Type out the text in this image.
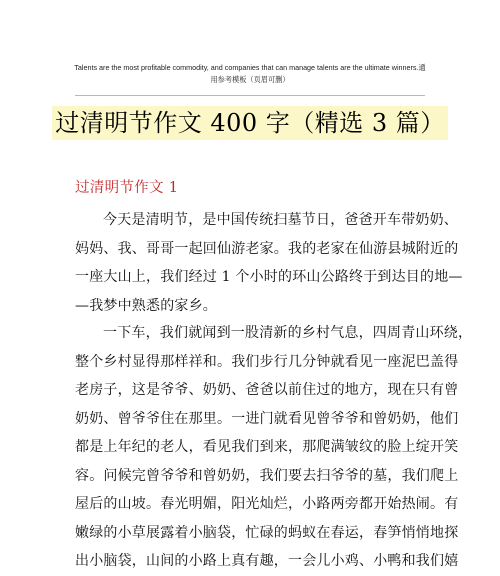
Talents are the most profitable commodity, and companies that can manage talents are the ultimate winners.通
用参考模板（页眉可删）
过清明节作文 400 字（精选 3 篇）
过清明节作文 1

今天是清明节，是中国传统扫墓节日，爸爸开车带奶奶、
妈妈、我、哥哥一起回仙游老家。我的老家在仙游县城附近的
一座大山上，我们经过 1 个小时的环山公路终于到达目的地—
—我梦中熟悉的家乡。

一下车，我们就闻到一股清新的乡村气息，四周青山环绕，
整个乡村显得那样祥和。我们步行几分钟就看见一座泥巴盖得
老房子，这是爷爷、奶奶、爸爸以前住过的地方，现在只有曾
奶奶、曾爷爷住在那里。一进门就看见曾爷爷和曾奶奶，他们
都是上年纪的老人，看见我们到来，那爬满皱纹的脸上绽开笑
容。问候完曾爷爷和曾奶奶，我们要去扫爷爷的墓，我们爬上
屋后的山坡。春光明媚，阳光灿烂，小路两旁都开始热闹。有
嫩绿的小草展露着小脑袋，忙碌的蚂蚁在春运，春笋悄悄地探
出小脑袋，山间的小路上真有趣，一会儿小鸡、小鸭和我们嬉
